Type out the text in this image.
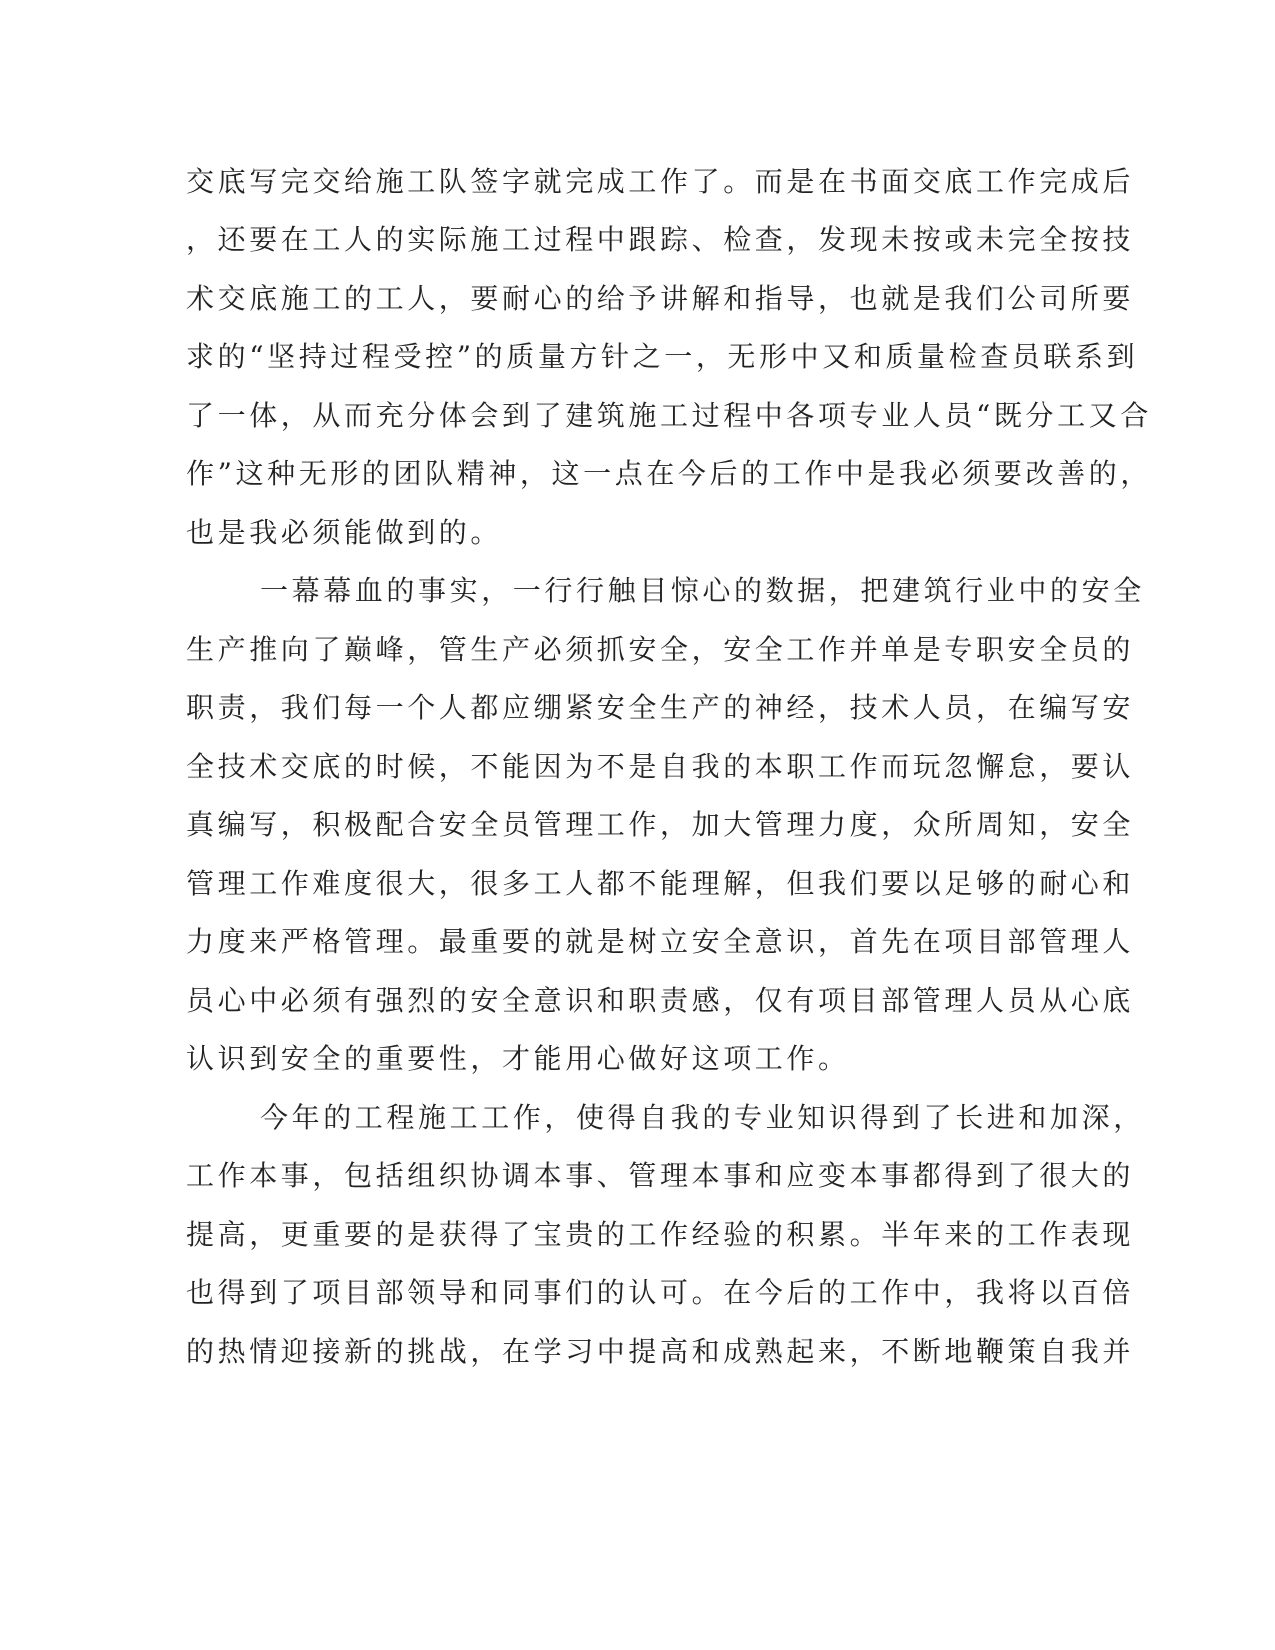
交底写完交给施工队签字就完成工作了。而是在书面交底工作完成后
，还要在工人的实际施工过程中跟踪、检查，发现未按或未完全按技
术交底施工的工人，要耐心的给予讲解和指导，也就是我们公司所要
求的“坚持过程受控”的质量方针之一，无形中又和质量检查员联系到
了一体，从而充分体会到了建筑施工过程中各项专业人员“既分工又合
作”这种无形的团队精神，这一点在今后的工作中是我必须要改善的，
也是我必须能做到的。
一幕幕血的事实，一行行触目惊心的数据，把建筑行业中的安全
生产推向了巅峰，管生产必须抓安全，安全工作并单是专职安全员的
职责，我们每一个人都应绷紧安全生产的神经，技术人员，在编写安
全技术交底的时候，不能因为不是自我的本职工作而玩忽懈怠，要认
真编写，积极配合安全员管理工作，加大管理力度，众所周知，安全
管理工作难度很大，很多工人都不能理解，但我们要以足够的耐心和
力度来严格管理。最重要的就是树立安全意识，首先在项目部管理人
员心中必须有强烈的安全意识和职责感，仅有项目部管理人员从心底
认识到安全的重要性，才能用心做好这项工作。
今年的工程施工工作，使得自我的专业知识得到了长进和加深，
工作本事，包括组织协调本事、管理本事和应变本事都得到了很大的
提高，更重要的是获得了宝贵的工作经验的积累。半年来的工作表现
也得到了项目部领导和同事们的认可。在今后的工作中，我将以百倍
的热情迎接新的挑战，在学习中提高和成熟起来，不断地鞭策自我并
